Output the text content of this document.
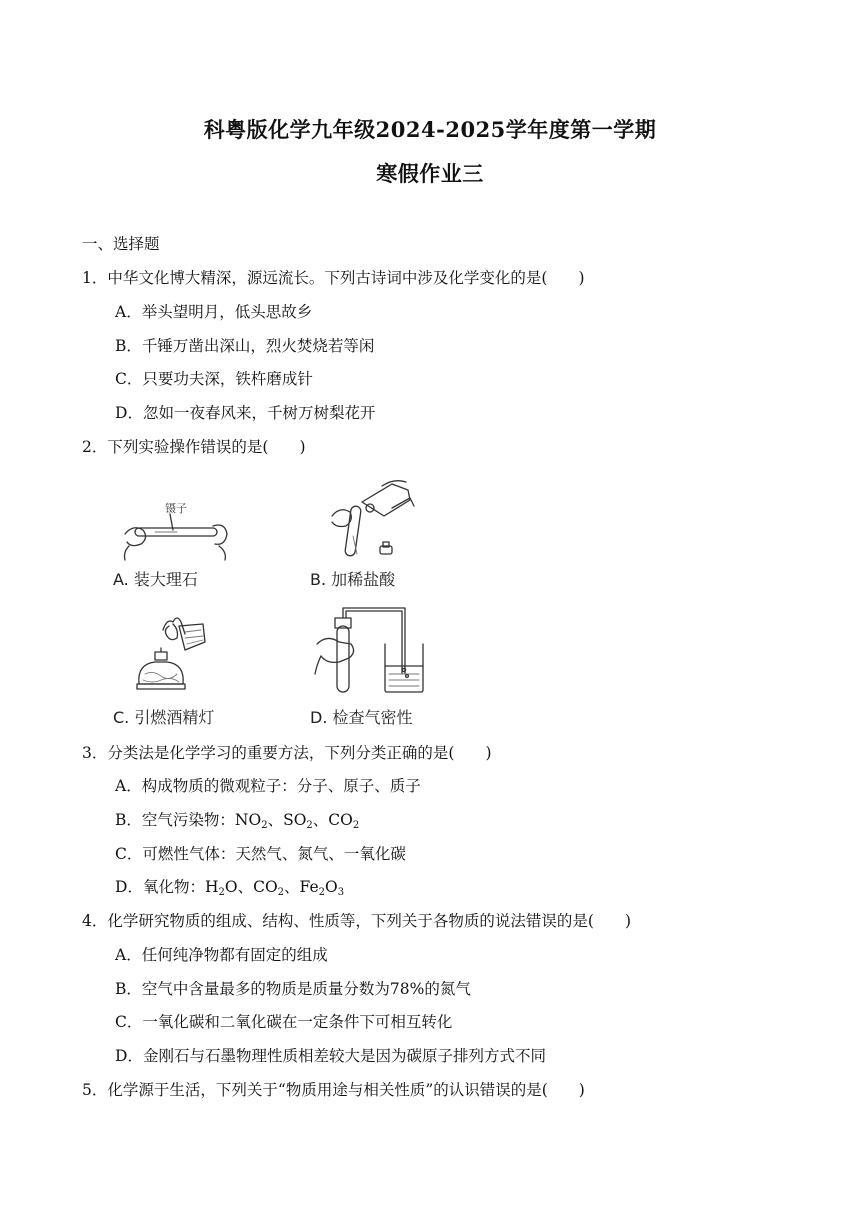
科粤版化学九年级2024-2025学年度第一学期
寒假作业三
一、选择题
1．中华文化博大精深，源远流长。下列古诗词中涉及化学变化的是(　　)
A．举头望明月，低头思故乡
B．千锤万凿出深山，烈火焚烧若等闲
C．只要功夫深，铁杵磨成针
D．忽如一夜春风来，千树万树梨花开
2．下列实验操作错误的是(　　)
镊子
A. 装大理石	B. 加稀盐酸
C. 引燃酒精灯	D. 检查气密性
3．分类法是化学学习的重要方法，下列分类正确的是(　　)
A．构成物质的微观粒子：分子、原子、质子
B．空气污染物：$NO_2$、$SO_2$、$CO_2$
C．可燃性气体：天然气、氮气、一氧化碳
D．氧化物：$H_2O$、$CO_2$、$Fe_2O_3$
4．化学研究物质的组成、结构、性质等，下列关于各物质的说法错误的是(　　)
A．任何纯净物都有固定的组成
B．空气中含量最多的物质是质量分数为78%的氮气
C．一氧化碳和二氧化碳在一定条件下可相互转化
D．金刚石与石墨物理性质相差较大是因为碳原子排列方式不同
5．化学源于生活，下列关于“物质用途与相关性质”的认识错误的是(　　)
